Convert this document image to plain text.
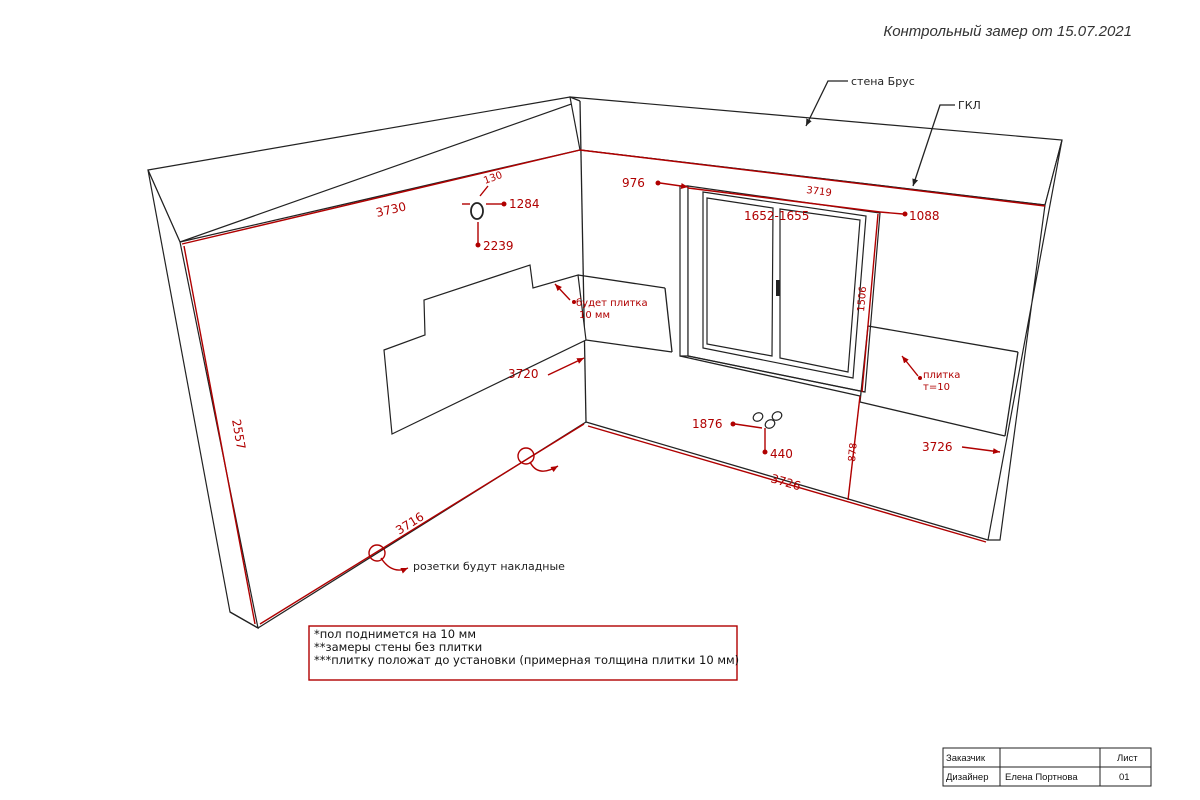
Контрольный замер от 15.07.2021
3730
3719
2557
3720
3716
3726
3726
130
1284
2239
976
1652-1655	1088
1506
878
1876
440
стена Брус
ГКЛ
будет плитка
10 мм
плитка
т=10
розетки будут накладные
*пол поднимется на 10 мм
**замеры стены без плитки
***плитку положат до установки (примерная толщина плитки 10 мм)
Заказчик	Лист
Дизайнер Елена Портнова	01
